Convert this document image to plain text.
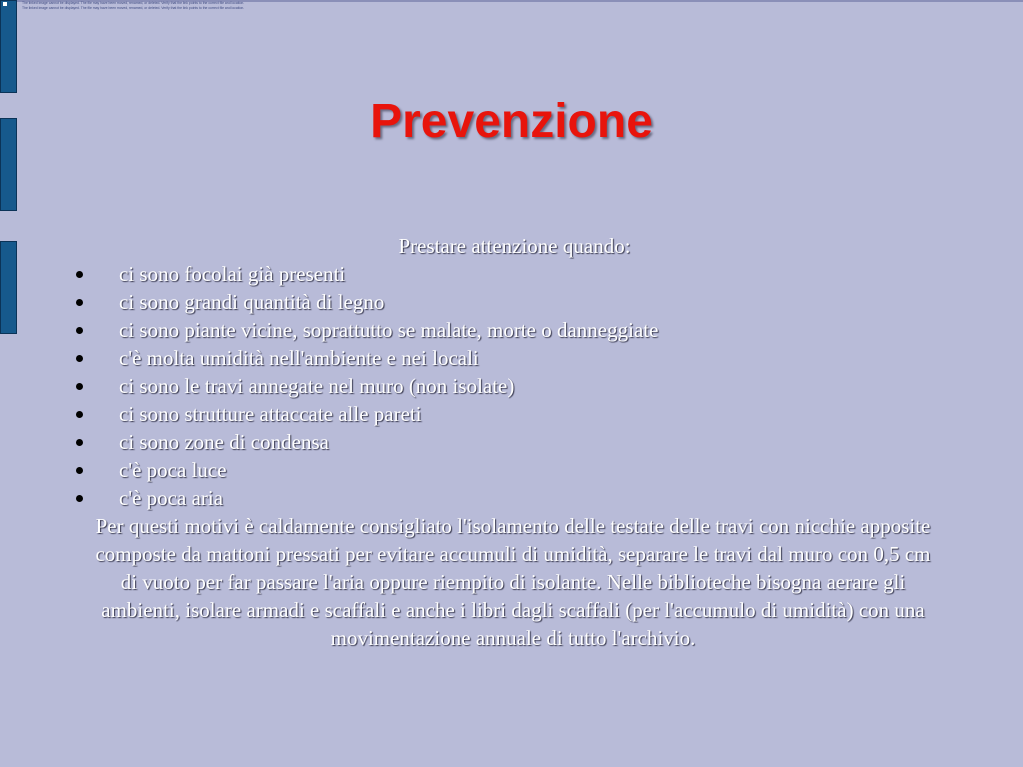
The linked image cannot be displayed. The file may have been moved, renamed, or deleted. Verify that the link points to the correct file and location.
The linked image cannot be displayed. The file may have been moved, renamed, or deleted. Verify that the link points to the correct file and location.
Prevenzione

Prestare attenzione quando:

ci sono focolai già presenti
ci sono grandi quantità di legno
ci sono piante vicine, soprattutto se malate, morte o danneggiate
c'è molta umidità nell'ambiente e nei locali
ci sono le travi annegate nel muro (non isolate)
ci sono strutture attaccate alle pareti
ci sono zone di condensa
c'è poca luce
c'è poca aria

Per questi motivi è caldamente consigliato l'isolamento delle testate delle travi con nicchie apposite composte da mattoni pressati per evitare accumuli di umidità, separare le travi dal muro con 0,5 cm di vuoto per far passare l'aria oppure riempito di isolante. Nelle biblioteche bisogna aerare gli ambienti, isolare armadi e scaffali e anche i libri dagli scaffali (per l'accumulo di umidità) con una movimentazione annuale di tutto l'archivio.
